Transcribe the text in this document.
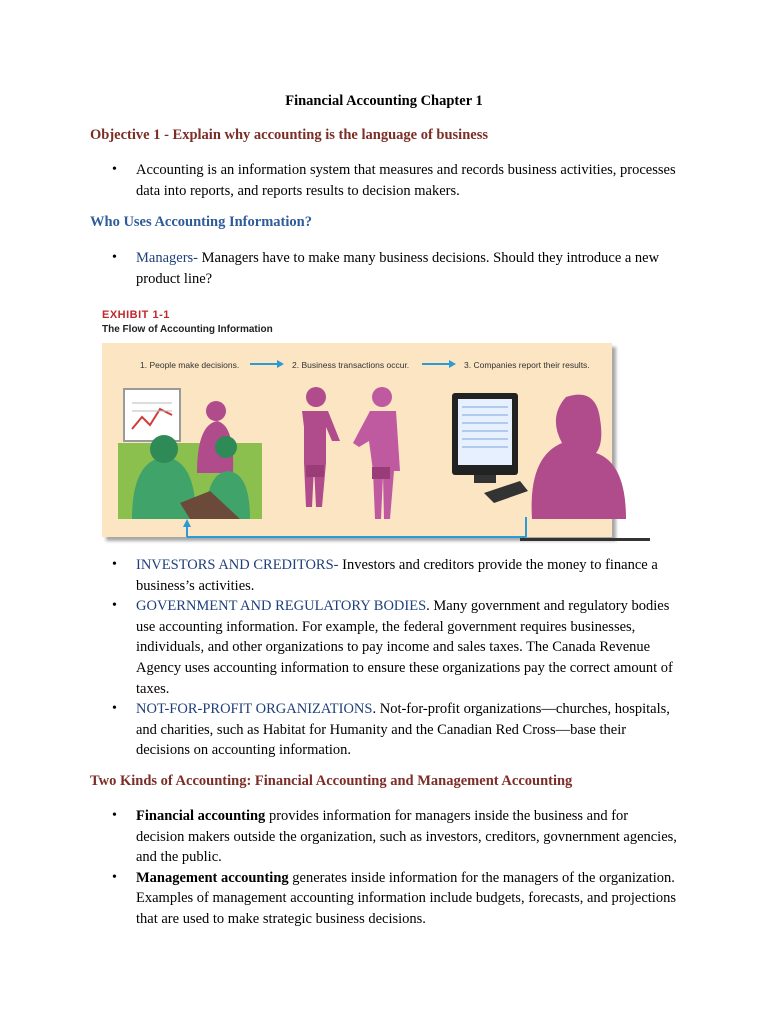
Financial Accounting Chapter 1
Objective 1 - Explain why accounting is the language of business
• Accounting is an information system that measures and records business activities, processes data into reports, and reports results to decision makers.
Who Uses Accounting Information?
• Managers- Managers have to make many business decisions. Should they introduce a new product line?
EXHIBIT 1-1
The Flow of Accounting Information
1. People make decisions.	2. Business transactions occur.	3. Companies report their results.
• INVESTORS AND CREDITORS- Investors and creditors provide the money to finance a business’s activities.
• GOVERNMENT AND REGULATORY BODIES. Many government and regulatory bodies use accounting information. For example, the federal government requires businesses, individuals, and other organizations to pay income and sales taxes. The Canada Revenue Agency uses accounting information to ensure these organizations pay the correct amount of taxes.
• NOT-FOR-PROFIT ORGANIZATIONS. Not-for-profit organizations—churches, hospitals, and charities, such as Habitat for Humanity and the Canadian Red Cross—base their decisions on accounting information.
Two Kinds of Accounting: Financial Accounting and Management Accounting
• Financial accounting provides information for managers inside the business and for decision makers outside the organization, such as investors, creditors, govnernment agencies, and the public.
• Management accounting generates inside information for the managers of the organization. Examples of management accounting information include budgets, forecasts, and projections that are used to make strategic business decisions.
